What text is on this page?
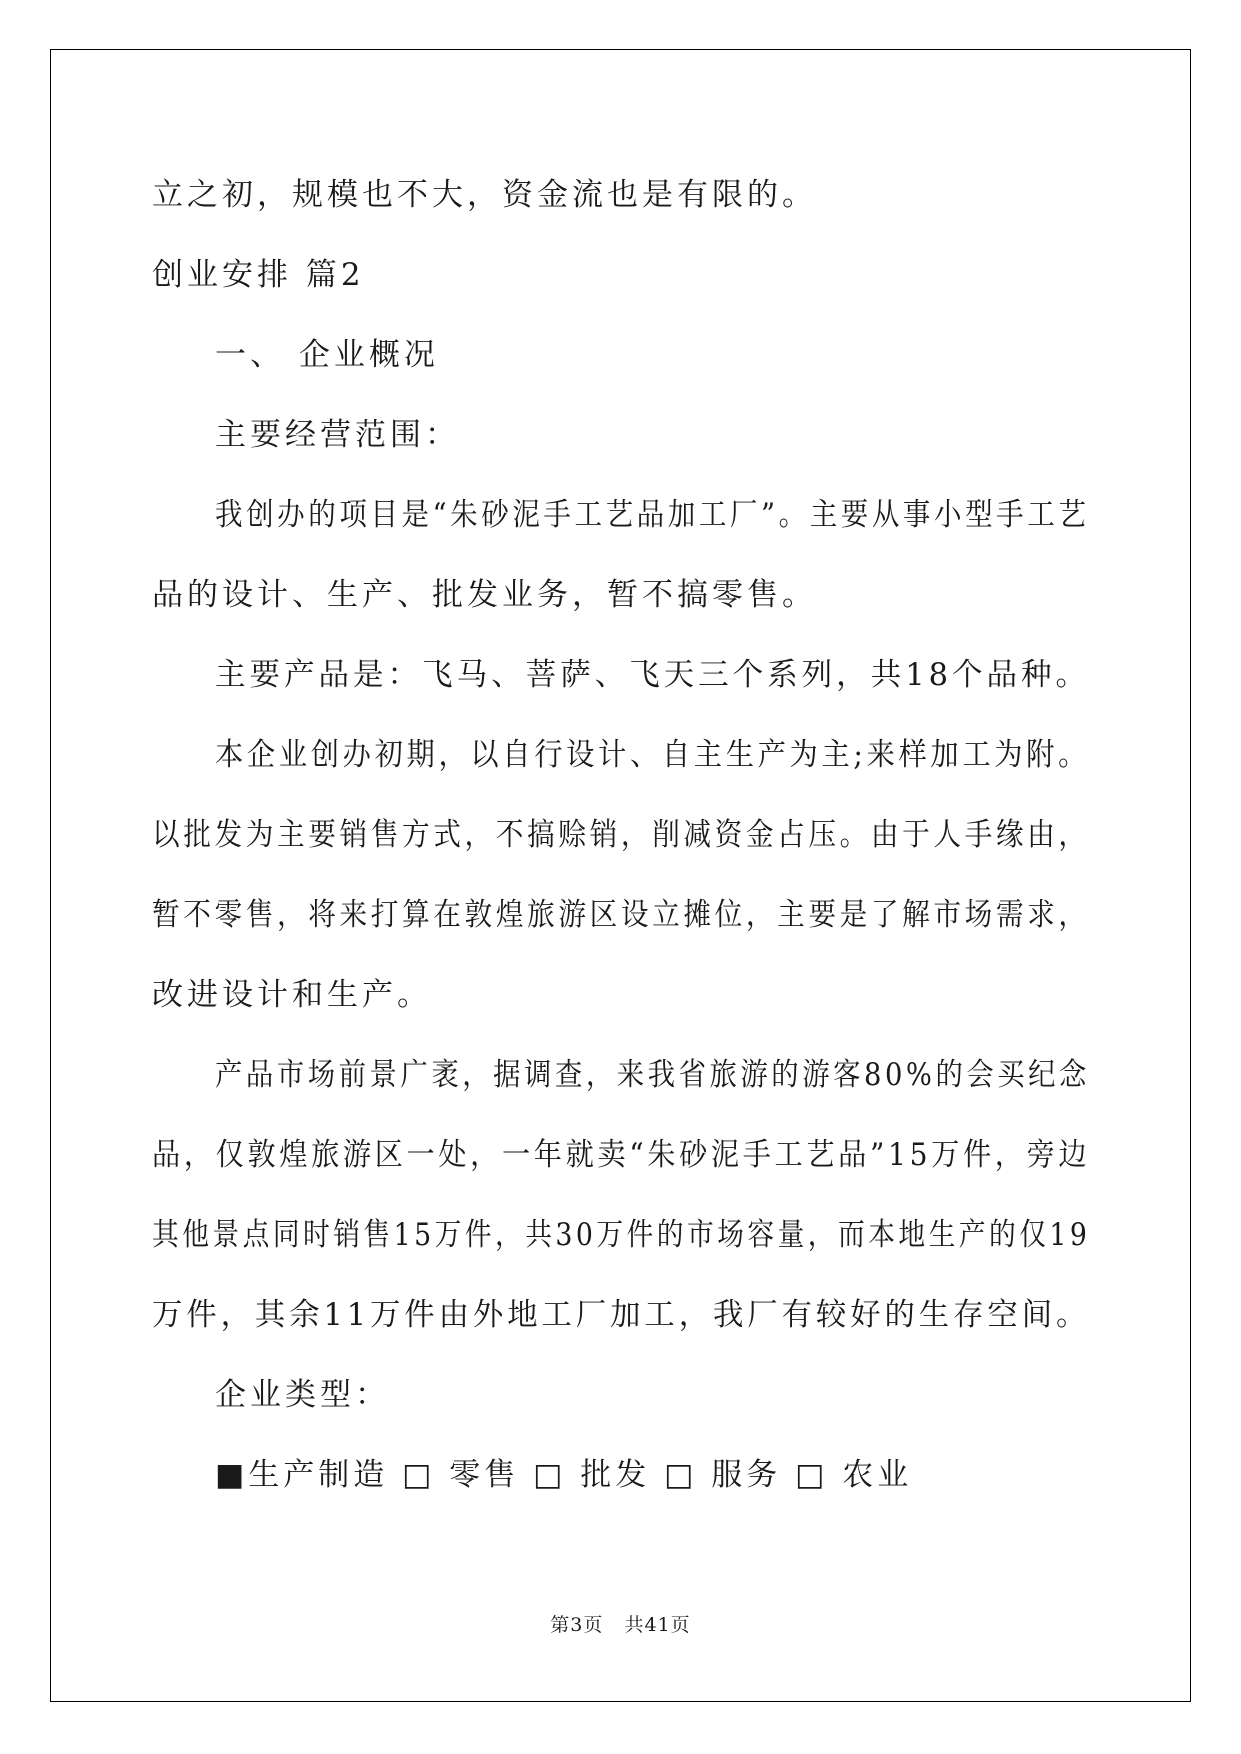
立之初，规模也不大，资金流也是有限的。
创业安排 篇2
一、 企业概况
主要经营范围：
我创办的项目是“朱砂泥手工艺品加工厂”。主要从事小型手工艺
品的设计、生产、批发业务，暂不搞零售。
主要产品是：飞马、菩萨、飞天三个系列，共18个品种。
本企业创办初期，以自行设计、自主生产为主;来样加工为附。
以批发为主要销售方式，不搞赊销，削减资金占压。由于人手缘由，
暂不零售，将来打算在敦煌旅游区设立摊位，主要是了解市场需求，
改进设计和生产。
产品市场前景广袤，据调查，来我省旅游的游客80%的会买纪念
品，仅敦煌旅游区一处，一年就卖“朱砂泥手工艺品”15万件，旁边
其他景点同时销售15万件，共30万件的市场容量，而本地生产的仅19
万件，其余11万件由外地工厂加工，我厂有较好的生存空间。
企业类型：
■生产制造 □ 零售 □ 批发 □ 服务 □ 农业
第3页   共41页
